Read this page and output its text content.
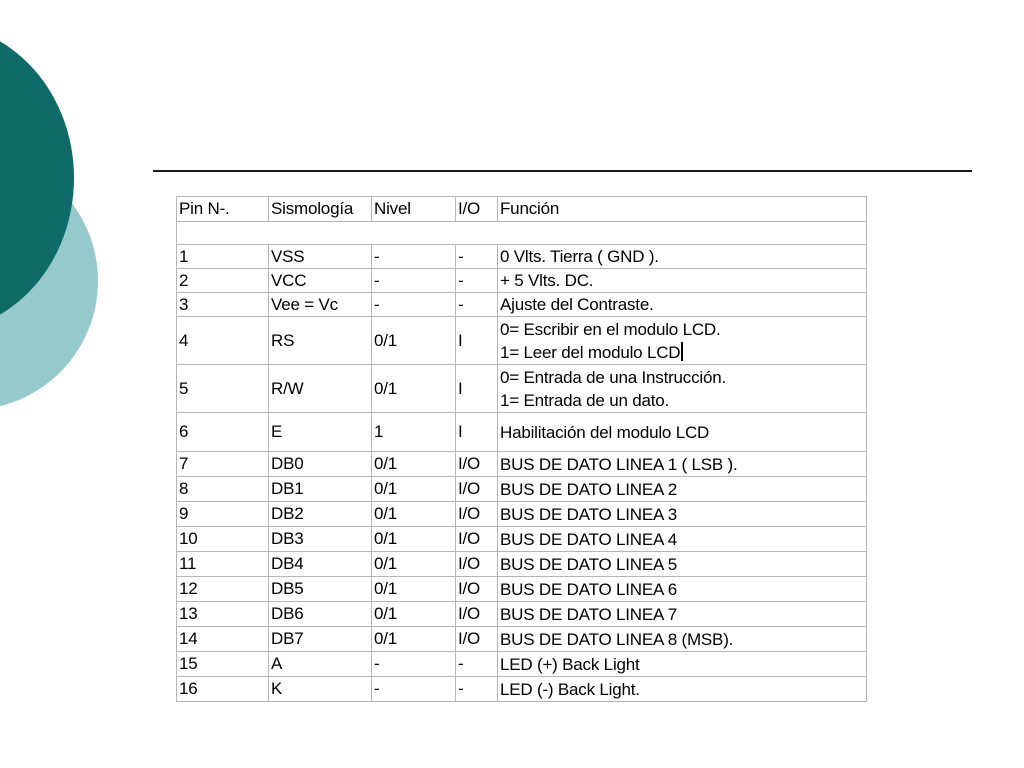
Pin N-.	Sismología	Nivel	I/O	Función

1	VSS	-	-	0 Vlts. Tierra ( GND ).

2	VCC	-	-	+ 5 Vlts. DC.

3	Vee = Vc	-	-	Ajuste del Contraste.

4	RS	0/1	I	0= Escribir en el modulo LCD.
1= Leer del modulo LCD

5	R/W	0/1	I	0= Entrada de una Instrucción.
1= Entrada de un dato.

6	E	1	I	Habilitación del modulo LCD

7	DB0	0/1	I/O	BUS DE DATO LINEA 1 ( LSB ).

8	DB1	0/1	I/O	BUS DE DATO LINEA 2

9	DB2	0/1	I/O	BUS DE DATO LINEA 3

10	DB3	0/1	I/O	BUS DE DATO LINEA 4

11	DB4	0/1	I/O	BUS DE DATO LINEA 5

12	DB5	0/1	I/O	BUS DE DATO LINEA 6

13	DB6	0/1	I/O	BUS DE DATO LINEA 7

14	DB7	0/1	I/O	BUS DE DATO LINEA 8 (MSB).

15	A	-	-	LED (+) Back Light

16	K	-	-	LED (-) Back Light.
